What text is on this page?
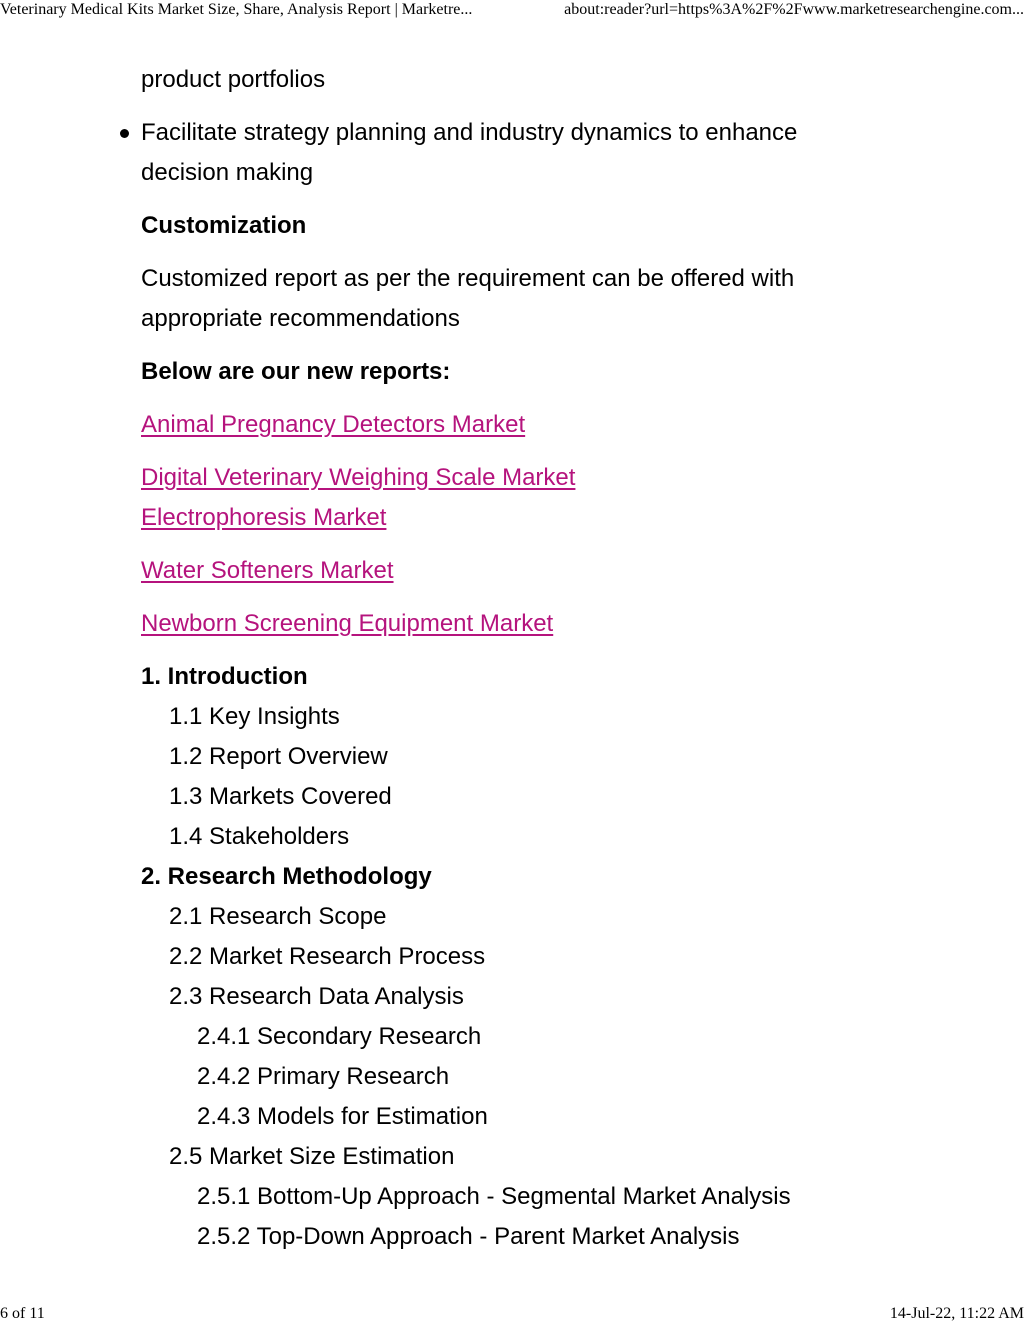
Veterinary Medical Kits Market Size, Share, Analysis Report | Marketre...	about:reader?url=https%3A%2F%2Fwww.marketresearchengine.com...

product portfolios

Facilitate strategy planning and industry dynamics to enhance decision making

Customization

Customized report as per the requirement can be offered with appropriate recommendations

Below are our new reports:

Animal Pregnancy Detectors Market

Digital Veterinary Weighing Scale Market

Electrophoresis Market

Water Softeners Market

Newborn Screening Equipment Market

1. Introduction
1.1 Key Insights
1.2 Report Overview
1.3 Markets Covered
1.4 Stakeholders
2. Research Methodology
2.1 Research Scope
2.2 Market Research Process
2.3 Research Data Analysis
2.4.1 Secondary Research
2.4.2 Primary Research
2.4.3 Models for Estimation
2.5 Market Size Estimation
2.5.1 Bottom-Up Approach - Segmental Market Analysis
2.5.2 Top-Down Approach - Parent Market Analysis
6 of 11	14-Jul-22, 11:22 AM
